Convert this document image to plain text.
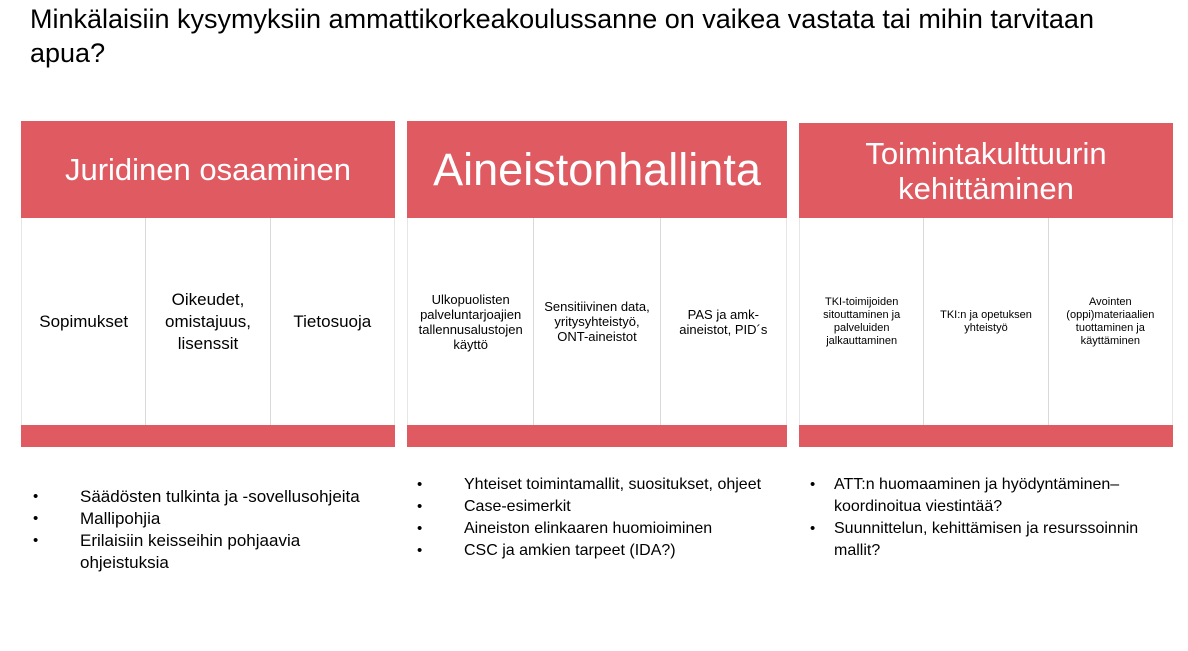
Minkälaisiin kysymyksiin ammattikorkeakoulussanne on vaikea vastata tai mihin tarvitaan apua?
Juridinen osaaminen
Sopimukset
Oikeudet, omistajuus, lisenssit
Tietosuoja
Aineistonhallinta
Ulkopuolisten palveluntarjoajien tallennusalustojen käyttö
Sensitiivinen data, yritysyhteistyö, ONT-aineistot
PAS ja amk-aineistot, PID´s
Toimintakulttuurin kehittäminen
TKI-toimijoiden sitouttaminen ja palveluiden jalkauttaminen
TKI:n ja opetuksen yhteistyö
Avointen (oppi)materiaalien tuottaminen ja käyttäminen
• Säädösten tulkinta ja -sovellusohjeita
• Mallipohjia
• Erilaisiin keisseihin pohjaavia ohjeistuksia
•	Yhteiset toimintamallit, suositukset, ohjeet
•	Case-esimerkit
•	Aineiston elinkaaren huomioiminen
•	CSC ja amkien tarpeet (IDA?)
• ATT:n huomaaminen ja hyödyntäminen–koordinoitua viestintää?
• Suunnittelun, kehittämisen ja resurssoinnin mallit?
